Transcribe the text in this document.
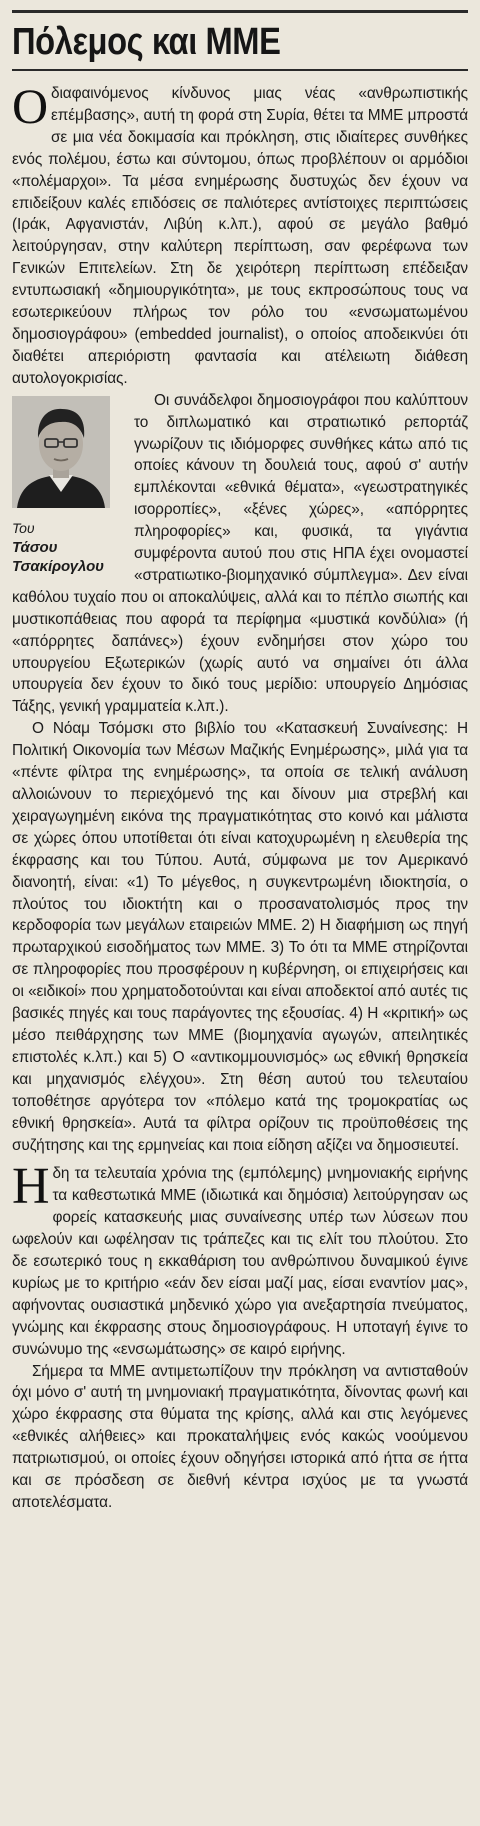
Πόλεμος και ΜΜΕ

Ο διαφαινόμενος κίνδυνος μιας νέας «ανθρωπιστικής επέμβασης», αυτή τη φορά στη Συρία, θέτει τα ΜΜΕ μπροστά σε μια νέα δοκιμασία και πρόκληση, στις ιδιαίτερες συνθήκες ενός πολέμου, έστω και σύντομου, όπως προβλέπουν οι αρμόδιοι «πολέμαρχοι». Τα μέσα ενημέρωσης δυστυχώς δεν έχουν να επιδείξουν καλές επιδόσεις σε παλιότερες αντίστοιχες περιπτώσεις (Ιράκ, Αφγανιστάν, Λιβύη κ.λπ.), αφού σε μεγάλο βαθμό λειτούργησαν, στην καλύτερη περίπτωση, σαν φερέφωνα των Γενικών Επιτελείων. Στη δε χειρότερη περίπτωση επέδειξαν εντυπωσιακή «δημιουργικότητα», με τους εκπροσώπους τους να εσωτερικεύουν πλήρως τον ρόλο του «ενσωματωμένου δημοσιογράφου» (embedded journalist), ο οποίος αποδεικνύει ότι διαθέτει απεριόριστη φαντασία και ατέλειωτη διάθεση αυτολογοκρισίας.

Του
Τάσου
Τσακίρογλου

Οι συνάδελφοι δημοσιογράφοι που καλύπτουν το διπλωματικό και στρατιωτικό ρεπορτάζ γνωρίζουν τις ιδιόμορφες συνθήκες κάτω από τις οποίες κάνουν τη δουλειά τους, αφού σ' αυτήν εμπλέκονται «εθνικά θέματα», «γεωστρατηγικές ισορροπίες», «ξένες χώρες», «απόρρητες πληροφορίες» και, φυσικά, τα γιγάντια συμφέροντα αυτού που στις ΗΠΑ έχει ονομαστεί «στρατιωτικο-βιομηχανικό σύμπλεγμα». Δεν είναι καθόλου τυχαίο που οι αποκαλύψεις, αλλά και το πέπλο σιωπής και μυστικοπάθειας που αφορά τα περίφημα «μυστικά κονδύλια» (ή «απόρρητες δαπάνες») έχουν ενδημήσει στον χώρο του υπουργείου Εξωτερικών (χωρίς αυτό να σημαίνει ότι άλλα υπουργεία δεν έχουν το δικό τους μερίδιο: υπουργείο Δημόσιας Τάξης, γενική γραμματεία κ.λπ.).

Ο Νόαμ Τσόμσκι στο βιβλίο του «Κατασκευή Συναίνεσης: Η Πολιτική Οικονομία των Μέσων Μαζικής Ενημέρωσης», μιλά για τα «πέντε φίλτρα της ενημέρωσης», τα οποία σε τελική ανάλυση αλλοιώνουν το περιεχόμενό της και δίνουν μια στρεβλή και χειραγωγημένη εικόνα της πραγματικότητας στο κοινό και μάλιστα σε χώρες όπου υποτίθεται ότι είναι κατοχυρωμένη η ελευθερία της έκφρασης και του Τύπου. Αυτά, σύμφωνα με τον Αμερικανό διανοητή, είναι: «1) Το μέγεθος, η συγκεντρωμένη ιδιοκτησία, ο πλούτος του ιδιοκτήτη και ο προσανατολισμός προς την κερδοφορία των μεγάλων εταιρειών ΜΜΕ. 2) Η διαφήμιση ως πηγή πρωταρχικού εισοδήματος των ΜΜΕ. 3) Το ότι τα ΜΜΕ στηρίζονται σε πληροφορίες που προσφέρουν η κυβέρνηση, οι επιχειρήσεις και οι «ειδικοί» που χρηματοδοτούνται και είναι αποδεκτοί από αυτές τις βασικές πηγές και τους παράγοντες της εξουσίας. 4) Η «κριτική» ως μέσο πειθάρχησης των ΜΜΕ (βιομηχανία αγωγών, απειλητικές επιστολές κ.λπ.) και 5) Ο «αντικομμουνισμός» ως εθνική θρησκεία και μηχανισμός ελέγχου». Στη θέση αυτού του τελευταίου τοποθέτησε αργότερα τον «πόλεμο κατά της τρομοκρατίας ως εθνική θρησκεία». Αυτά τα φίλτρα ορίζουν τις προϋποθέσεις της συζήτησης και της ερμηνείας και ποια είδηση αξίζει να δημοσιευτεί.

Η δη τα τελευταία χρόνια της (εμπόλεμης) μνημονιακής ειρήνης τα καθεστωτικά ΜΜΕ (ιδιωτικά και δημόσια) λειτούργησαν ως φορείς κατασκευής μιας συναίνεσης υπέρ των λύσεων που ωφελούν και ωφέλησαν τις τράπεζες και τις ελίτ του πλούτου. Στο δε εσωτερικό τους η εκκαθάριση του ανθρώπινου δυναμικού έγινε κυρίως με το κριτήριο «εάν δεν είσαι μαζί μας, είσαι εναντίον μας», αφήνοντας ουσιαστικά μηδενικό χώρο για ανεξαρτησία πνεύματος, γνώμης και έκφρασης στους δημοσιογράφους. Η υποταγή έγινε το συνώνυμο της «ενσωμάτωσης» σε καιρό ειρήνης.

Σήμερα τα ΜΜΕ αντιμετωπίζουν την πρόκληση να αντισταθούν όχι μόνο σ' αυτή τη μνημονιακή πραγματικότητα, δίνοντας φωνή και χώρο έκφρασης στα θύματα της κρίσης, αλλά και στις λεγόμενες «εθνικές αλήθειες» και προκαταλήψεις ενός κακώς νοούμενου πατριωτισμού, οι οποίες έχουν οδηγήσει ιστορικά από ήττα σε ήττα και σε πρόσδεση σε διεθνή κέντρα ισχύος με τα γνωστά αποτελέσματα.
